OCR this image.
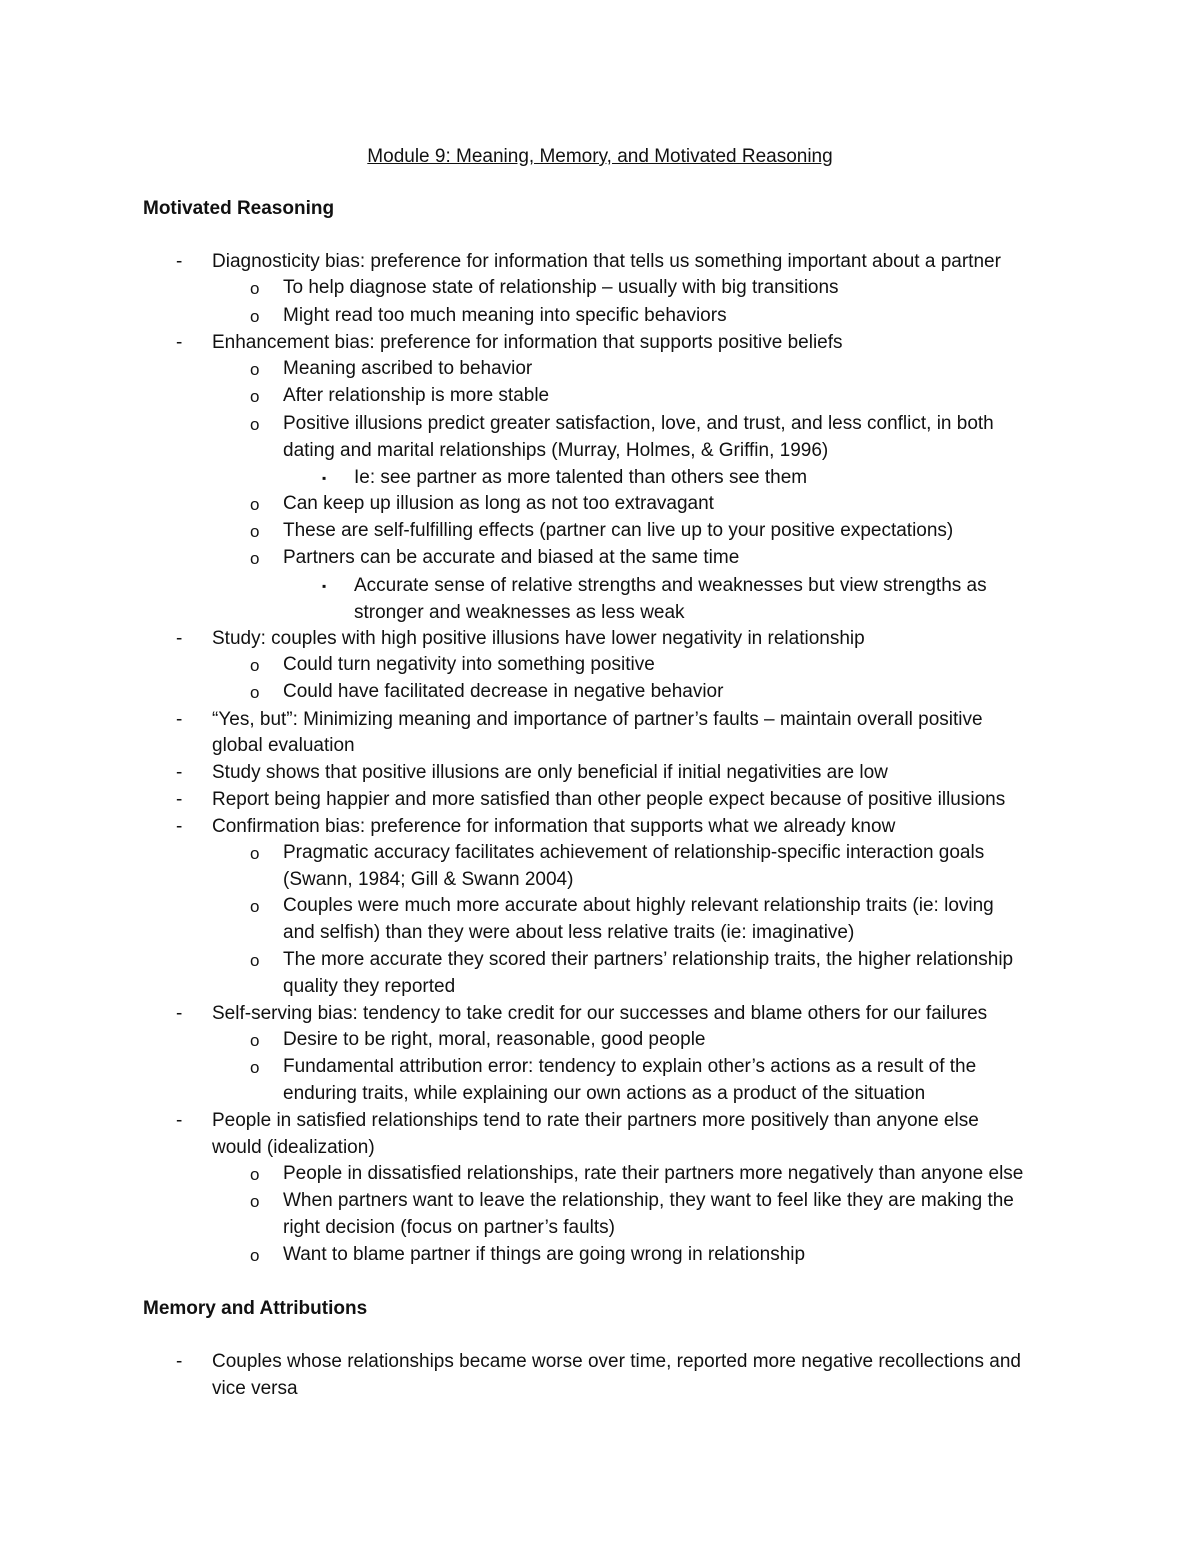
Module 9: Meaning, Memory, and Motivated Reasoning
Motivated Reasoning
- Diagnosticity bias: preference for information that tells us something important about a partner
o To help diagnose state of relationship – usually with big transitions
o Might read too much meaning into specific behaviors
- Enhancement bias: preference for information that supports positive beliefs
o Meaning ascribed to behavior
o After relationship is more stable
o Positive illusions predict greater satisfaction, love, and trust, and less conflict, in both
dating and marital relationships (Murray, Holmes, & Griffin, 1996)
▪ Ie: see partner as more talented than others see them
o Can keep up illusion as long as not too extravagant
o These are self-fulfilling effects (partner can live up to your positive expectations)
o Partners can be accurate and biased at the same time
▪ Accurate sense of relative strengths and weaknesses but view strengths as
stronger and weaknesses as less weak
- Study: couples with high positive illusions have lower negativity in relationship
o Could turn negativity into something positive
o Could have facilitated decrease in negative behavior
- “Yes, but”: Minimizing meaning and importance of partner’s faults – maintain overall positive
global evaluation
- Study shows that positive illusions are only beneficial if initial negativities are low
- Report being happier and more satisfied than other people expect because of positive illusions
- Confirmation bias: preference for information that supports what we already know
o Pragmatic accuracy facilitates achievement of relationship-specific interaction goals
(Swann, 1984; Gill & Swann 2004)
o Couples were much more accurate about highly relevant relationship traits (ie: loving
and selfish) than they were about less relative traits (ie: imaginative)
o The more accurate they scored their partners’ relationship traits, the higher relationship
quality they reported
- Self-serving bias: tendency to take credit for our successes and blame others for our failures
o Desire to be right, moral, reasonable, good people
o Fundamental attribution error: tendency to explain other’s actions as a result of the
enduring traits, while explaining our own actions as a product of the situation
- People in satisfied relationships tend to rate their partners more positively than anyone else
would (idealization)
o People in dissatisfied relationships, rate their partners more negatively than anyone else
o When partners want to leave the relationship, they want to feel like they are making the
right decision (focus on partner’s faults)
o Want to blame partner if things are going wrong in relationship
Memory and Attributions
- Couples whose relationships became worse over time, reported more negative recollections and
vice versa
